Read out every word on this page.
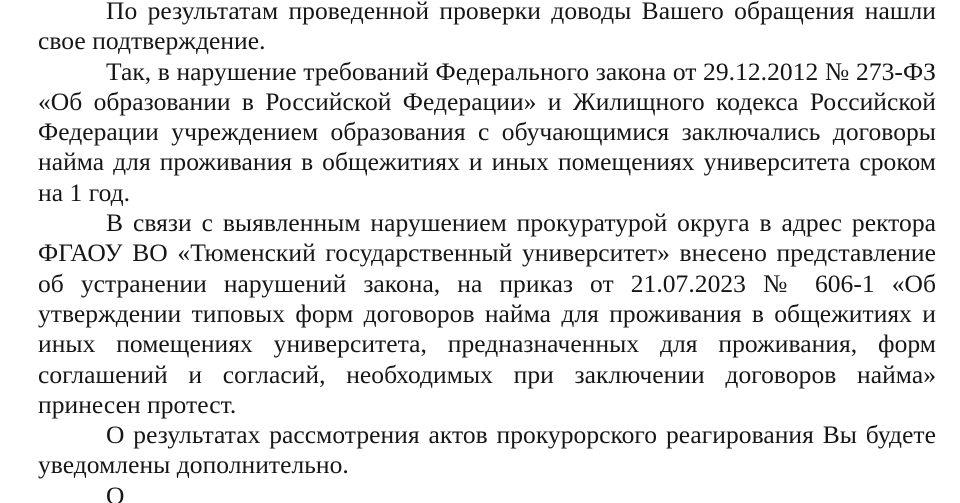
По результатам проведенной проверки доводы Вашего обращения нашли свое подтверждение.

Так, в нарушение требований Федерального закона от 29.12.2012 № 273-ФЗ «Об образовании в Российской Федерации» и Жилищного кодекса Российской Федерации учреждением образования с обучающимися заключались договоры найма для проживания в общежитиях и иных помещениях университета сроком на 1 год.

В связи с выявленным нарушением прокуратурой округа в адрес ректора ФГАОУ ВО «Тюменский государственный университет» внесено представление об устранении нарушений закона, на приказ от 21.07.2023 № 606-1 «Об утверждении типовых форм договоров найма для проживания в общежитиях и иных помещениях университета, предназначенных для проживания, форм соглашений и согласий, необходимых при заключении договоров найма» принесен протест.

О результатах рассмотрения актов прокурорского реагирования Вы будете уведомлены дополнительно.

О
